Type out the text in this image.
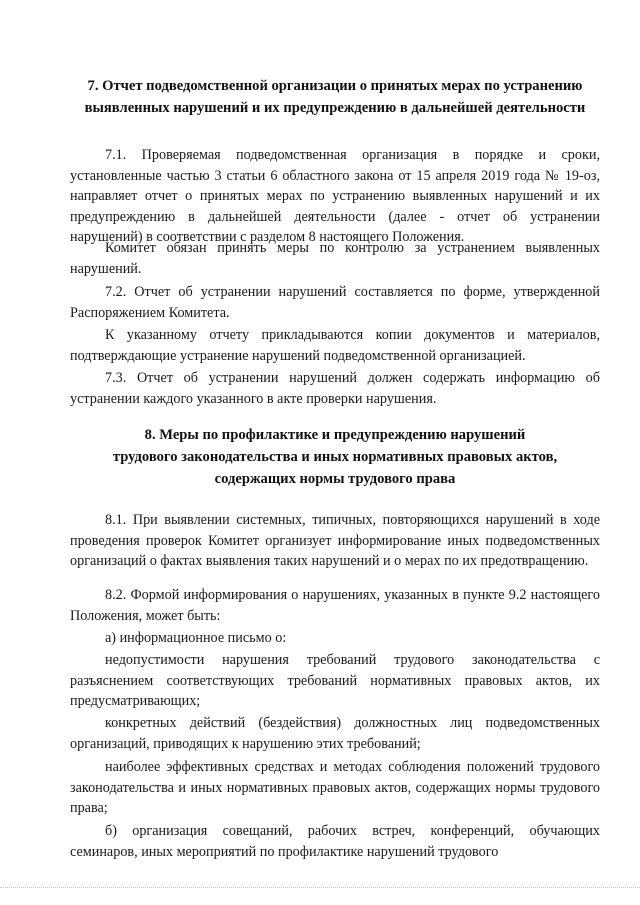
7. Отчет подведомственной организации о принятых мерах по устранению
выявленных нарушений и их предупреждению в дальнейшей деятельности

7.1. Проверяемая подведомственная организация в порядке и сроки, установленные частью 3 статьи 6 областного закона от 15 апреля 2019 года № 19-оз, направляет отчет о принятых мерах по устранению выявленных нарушений и их предупреждению в дальнейшей деятельности (далее - отчет об устранении нарушений) в соответствии с разделом 8 настоящего Положения.

Комитет обязан принять меры по контролю за устранением выявленных нарушений.

7.2. Отчет об устранении нарушений составляется по форме, утвержденной Распоряжением Комитета.

К указанному отчету прикладываются копии документов и материалов, подтверждающие устранение нарушений подведомственной организацией.

7.3. Отчет об устранении нарушений должен содержать информацию об устранении каждого указанного в акте проверки нарушения.

8. Меры по профилактике и предупреждению нарушений
трудового законодательства и иных нормативных правовых актов,
содержащих нормы трудового права

8.1. При выявлении системных, типичных, повторяющихся нарушений в ходе проведения проверок Комитет организует информирование иных подведомственных организаций о фактах выявления таких нарушений и о мерах по их предотвращению.

8.2. Формой информирования о нарушениях, указанных в пункте 9.2 настоящего Положения, может быть:

а) информационное письмо о:

недопустимости нарушения требований трудового законодательства с разъяснением соответствующих требований нормативных правовых актов, их предусматривающих;

конкретных действий (бездействия) должностных лиц подведомственных организаций, приводящих к нарушению этих требований;

наиболее эффективных средствах и методах соблюдения положений трудового законодательства и иных нормативных правовых актов, содержащих нормы трудового права;

б) организация совещаний, рабочих встреч, конференций, обучающих семинаров, иных мероприятий по профилактике нарушений трудового
